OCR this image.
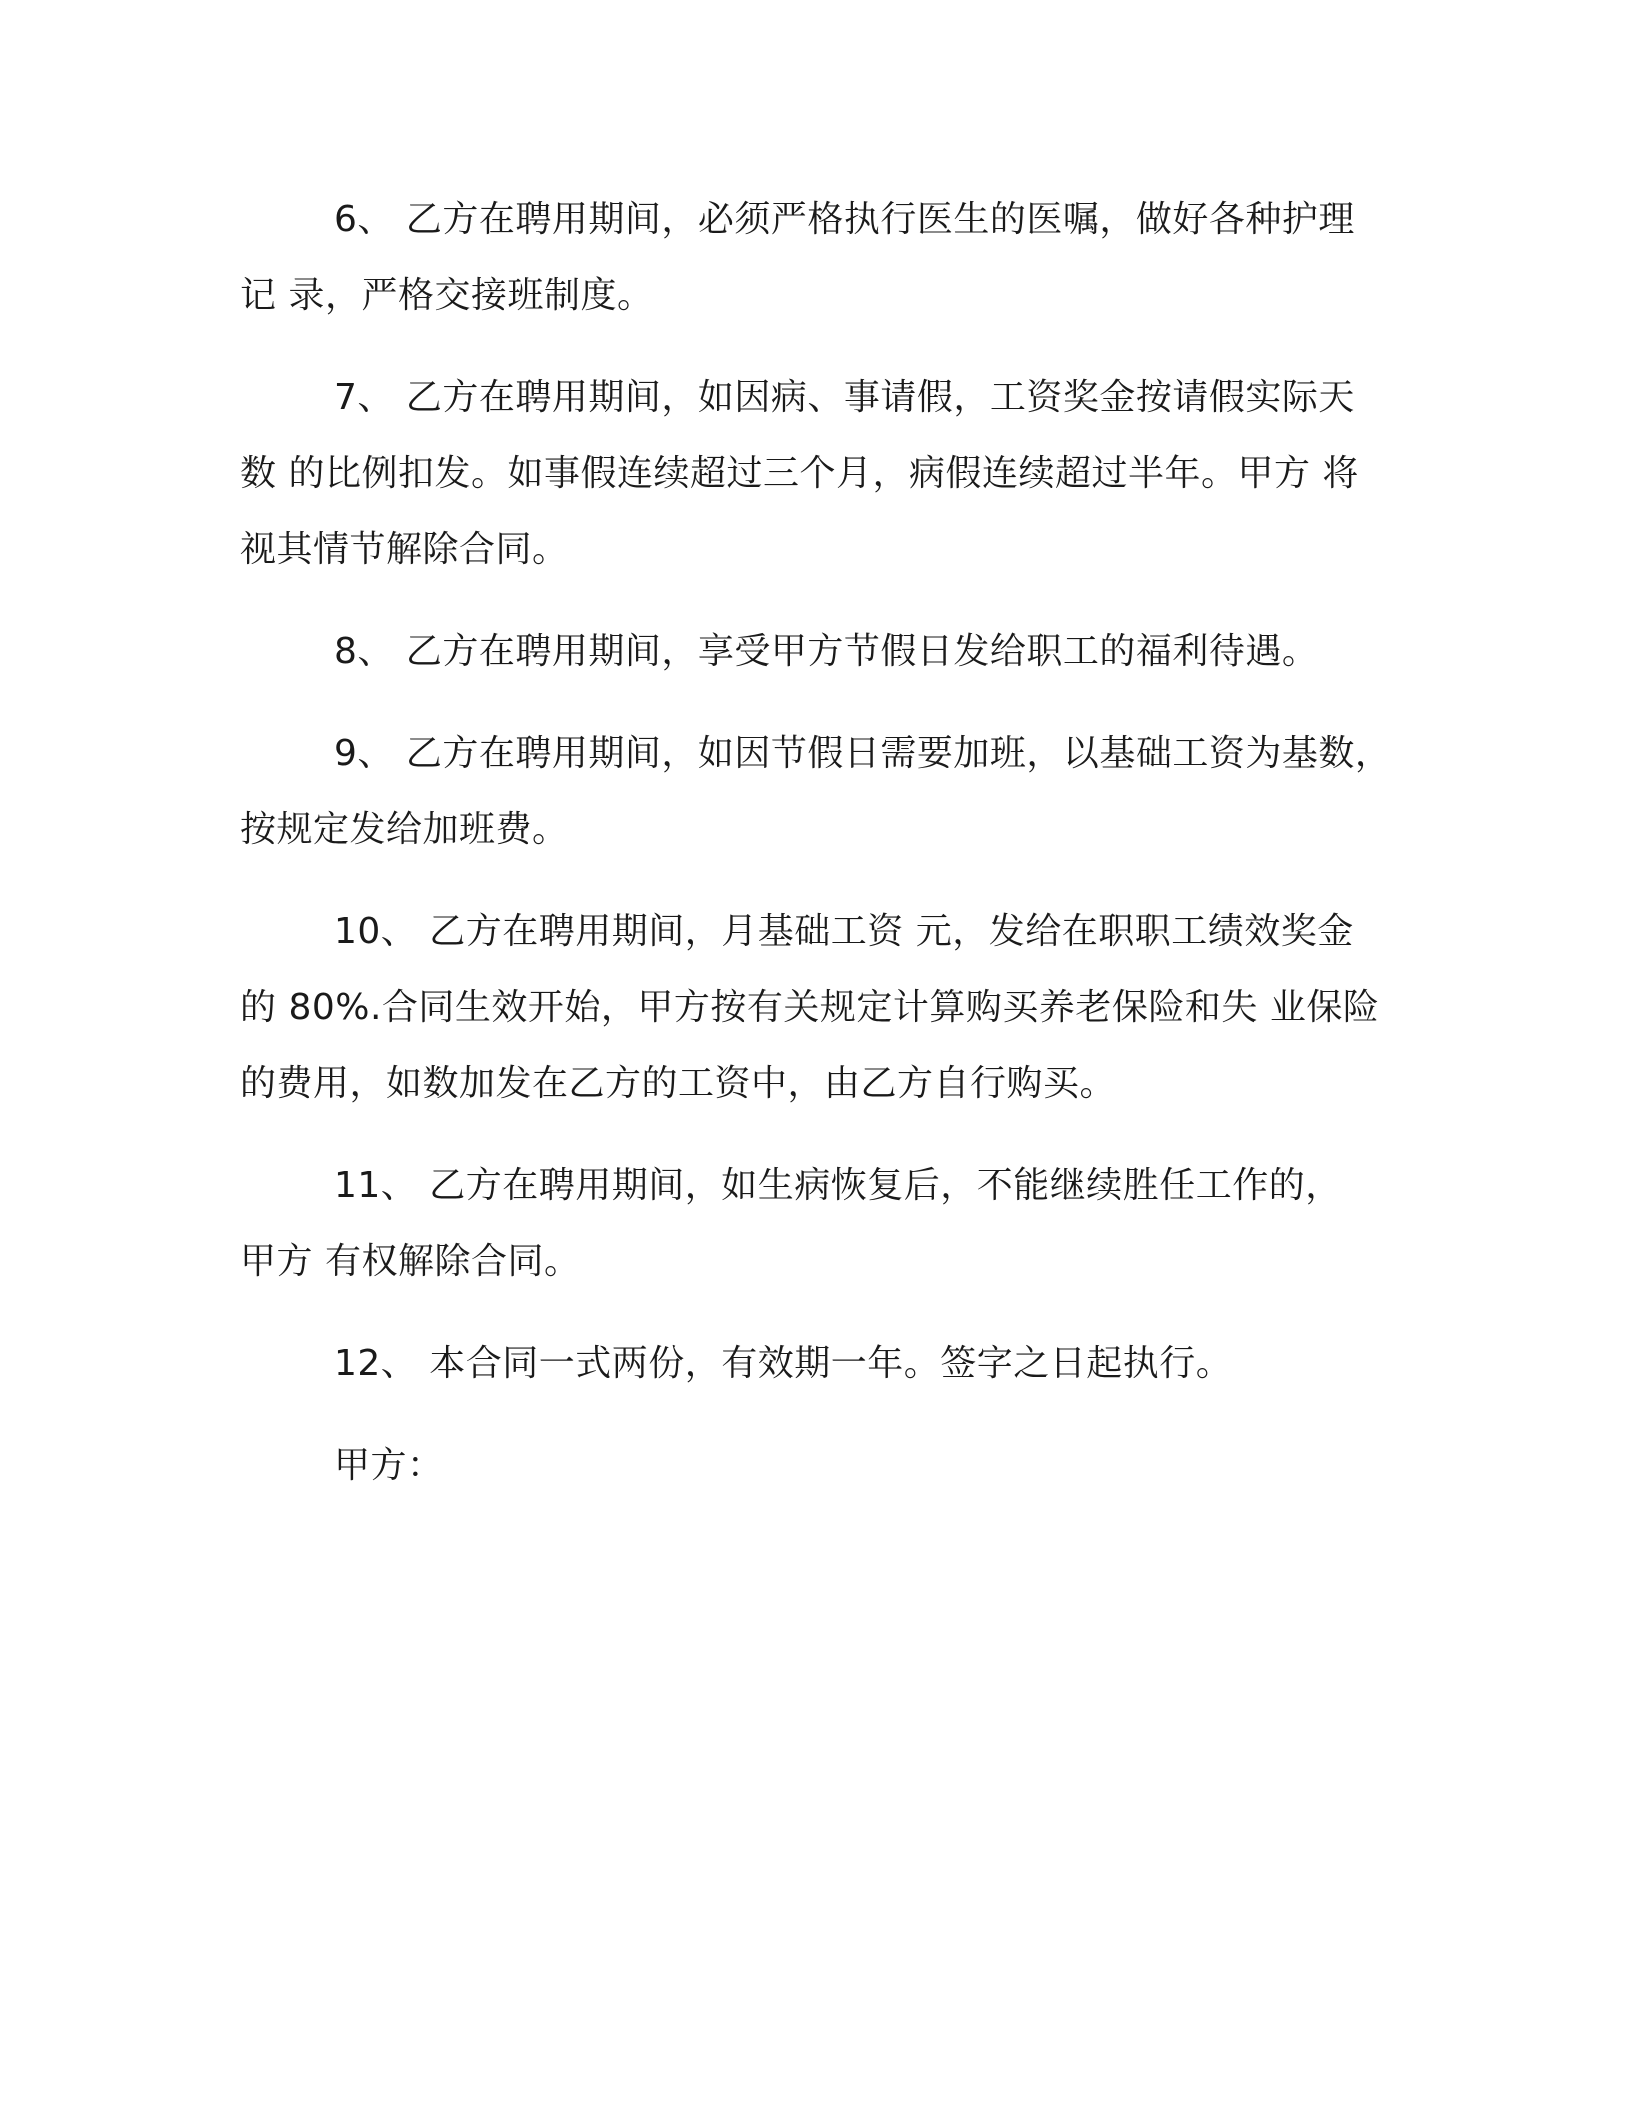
6、 乙方在聘用期间，必须严格执行医生的医嘱，做好各种护理
记 录，严格交接班制度。
7、 乙方在聘用期间，如因病、事请假，工资奖金按请假实际天
数 的比例扣发。如事假连续超过三个月，病假连续超过半年。甲方 将
视其情节解除合同。
8、 乙方在聘用期间，享受甲方节假日发给职工的福利待遇。
9、 乙方在聘用期间，如因节假日需要加班，以基础工资为基数，
按规定发给加班费。
10、 乙方在聘用期间，月基础工资 元，发给在职职工绩效奖金
的 80%.合同生效开始，甲方按有关规定计算购买养老保险和失 业保险
的费用，如数加发在乙方的工资中，由乙方自行购买。
11、 乙方在聘用期间，如生病恢复后，不能继续胜任工作的，
甲方 有权解除合同。
12、 本合同一式两份，有效期一年。签字之日起执行。
甲方：
